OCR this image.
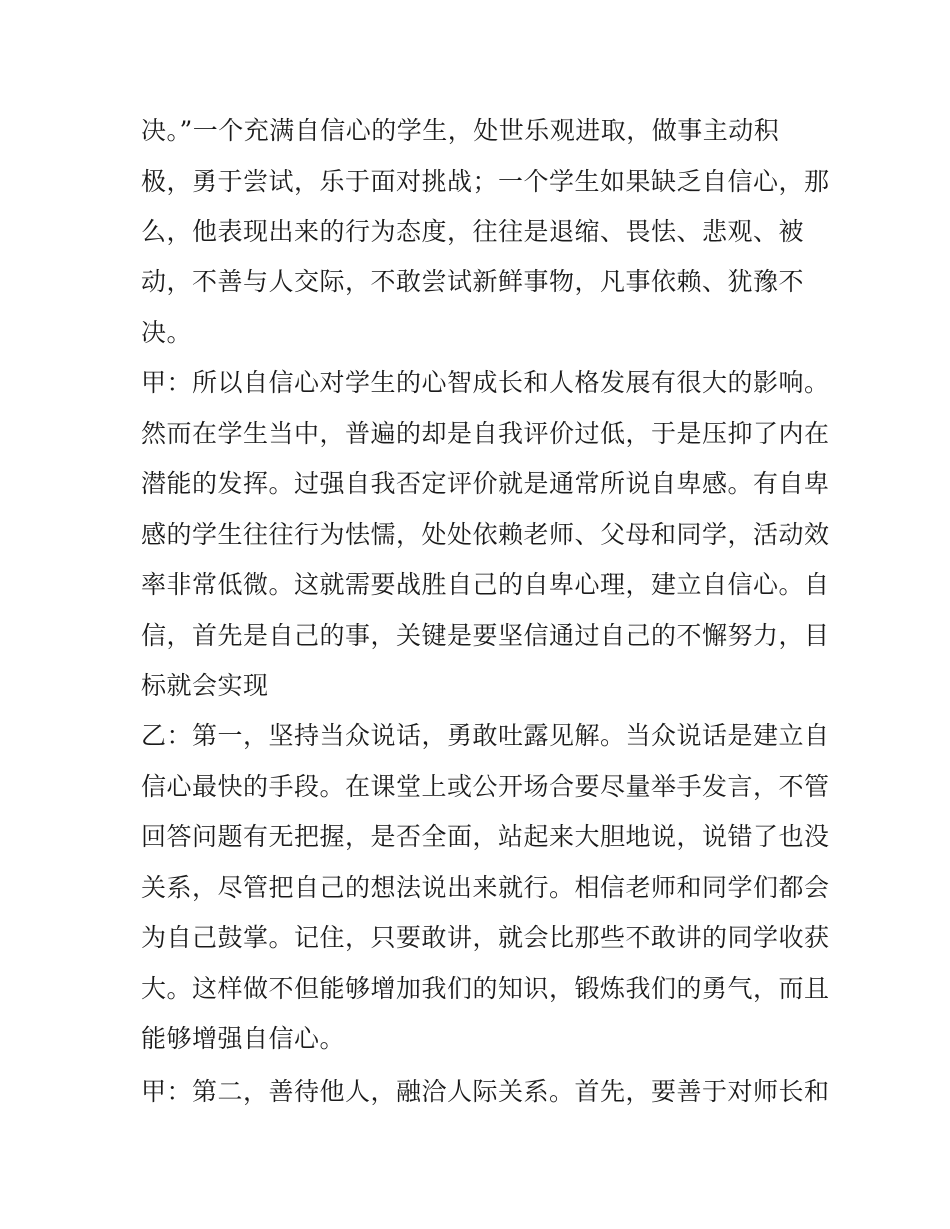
决。”一个充满自信心的学生，处世乐观进取，做事主动积
极，勇于尝试，乐于面对挑战；一个学生如果缺乏自信心，那
么，他表现出来的行为态度，往往是退缩、畏怯、悲观、被
动，不善与人交际，不敢尝试新鲜事物，凡事依赖、犹豫不
决。
甲：所以自信心对学生的心智成长和人格发展有很大的影响。
然而在学生当中，普遍的却是自我评价过低，于是压抑了内在
潜能的发挥。过强自我否定评价就是通常所说自卑感。有自卑
感的学生往往行为怯懦，处处依赖老师、父母和同学，活动效
率非常低微。这就需要战胜自己的自卑心理，建立自信心。自
信，首先是自己的事，关键是要坚信通过自己的不懈努力，目
标就会实现
乙：第一，坚持当众说话，勇敢吐露见解。当众说话是建立自
信心最快的手段。在课堂上或公开场合要尽量举手发言，不管
回答问题有无把握，是否全面，站起来大胆地说，说错了也没
关系，尽管把自己的想法说出来就行。相信老师和同学们都会
为自己鼓掌。记住，只要敢讲，就会比那些不敢讲的同学收获
大。这样做不但能够增加我们的知识，锻炼我们的勇气，而且
能够增强自信心。
甲：第二，善待他人，融洽人际关系。首先，要善于对师长和
